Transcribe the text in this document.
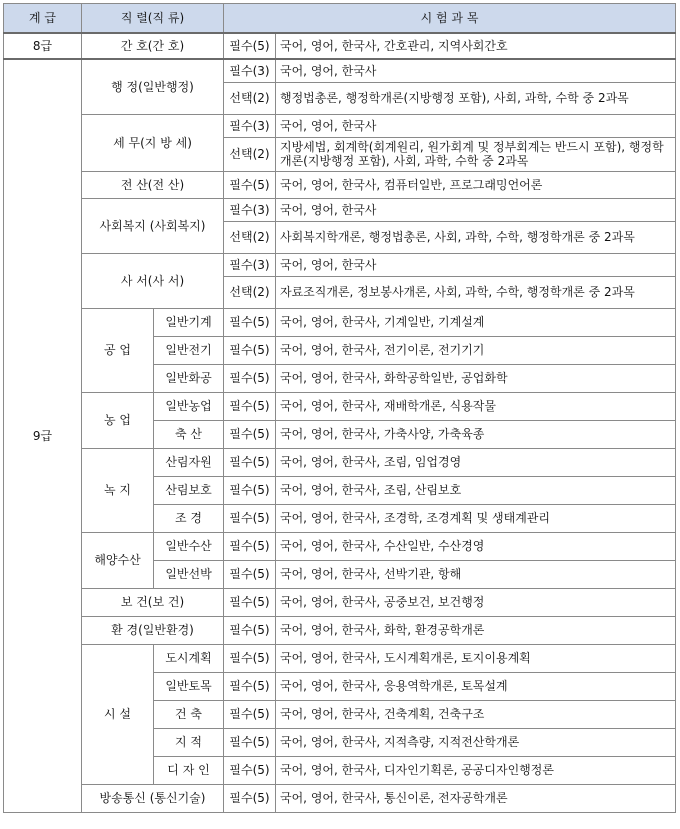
계 급	직 렬(직 류)		시 험 과 목	
8급	간 호(간 호)		필수(5)	국어, 영어, 한국사, 간호관리, 지역사회간호
9급	행 정(일반행정)		필수(3)	국어, 영어, 한국사
			선택(2)	행정법총론, 행정학개론(지방행정 포함), 사회, 과학, 수학 중 2과목
	세 무(지 방 세)		필수(3)	국어, 영어, 한국사
			선택(2)	지방세법, 회계학(회계원리, 원가회계 및 정부회계는 반드시 포함), 행정학개론(지방행정 포함), 사회, 과학, 수학 중 2과목
	전 산(전 산)		필수(5)	국어, 영어, 한국사, 컴퓨터일반, 프로그래밍언어론
	사회복지 (사회복지)		필수(3)	국어, 영어, 한국사
			선택(2)	사회복지학개론, 행정법총론, 사회, 과학, 수학, 행정학개론 중 2과목
	사 서(사 서)		필수(3)	국어, 영어, 한국사
			선택(2)	자료조직개론, 정보봉사개론, 사회, 과학, 수학, 행정학개론 중 2과목
	공 업	일반기계	필수(5)	국어, 영어, 한국사, 기계일반, 기계설계
		일반전기	필수(5)	국어, 영어, 한국사, 전기이론, 전기기기
		일반화공	필수(5)	국어, 영어, 한국사, 화학공학일반, 공업화학
	농 업	일반농업	필수(5)	국어, 영어, 한국사, 재배학개론, 식용작물
		축 산	필수(5)	국어, 영어, 한국사, 가축사양, 가축육종
	녹 지	산림자원	필수(5)	국어, 영어, 한국사, 조림, 임업경영
		산림보호	필수(5)	국어, 영어, 한국사, 조림, 산림보호
		조 경	필수(5)	국어, 영어, 한국사, 조경학, 조경계획 및 생태계관리
	해양수산	일반수산	필수(5)	국어, 영어, 한국사, 수산일반, 수산경영
		일반선박	필수(5)	국어, 영어, 한국사, 선박기관, 항해
	보 건(보 건)		필수(5)	국어, 영어, 한국사, 공중보건, 보건행정
	환 경(일반환경)		필수(5)	국어, 영어, 한국사, 화학, 환경공학개론
	시 설	도시계획	필수(5)	국어, 영어, 한국사, 도시계획개론, 토지이용계획
		일반토목	필수(5)	국어, 영어, 한국사, 응용역학개론, 토목설계
		건 축	필수(5)	국어, 영어, 한국사, 건축계획, 건축구조
		지 적	필수(5)	국어, 영어, 한국사, 지적측량, 지적전산학개론
		디 자 인	필수(5)	국어, 영어, 한국사, 디자인기획론, 공공디자인행정론
	방송통신 (통신기술)		필수(5)	국어, 영어, 한국사, 통신이론, 전자공학개론
